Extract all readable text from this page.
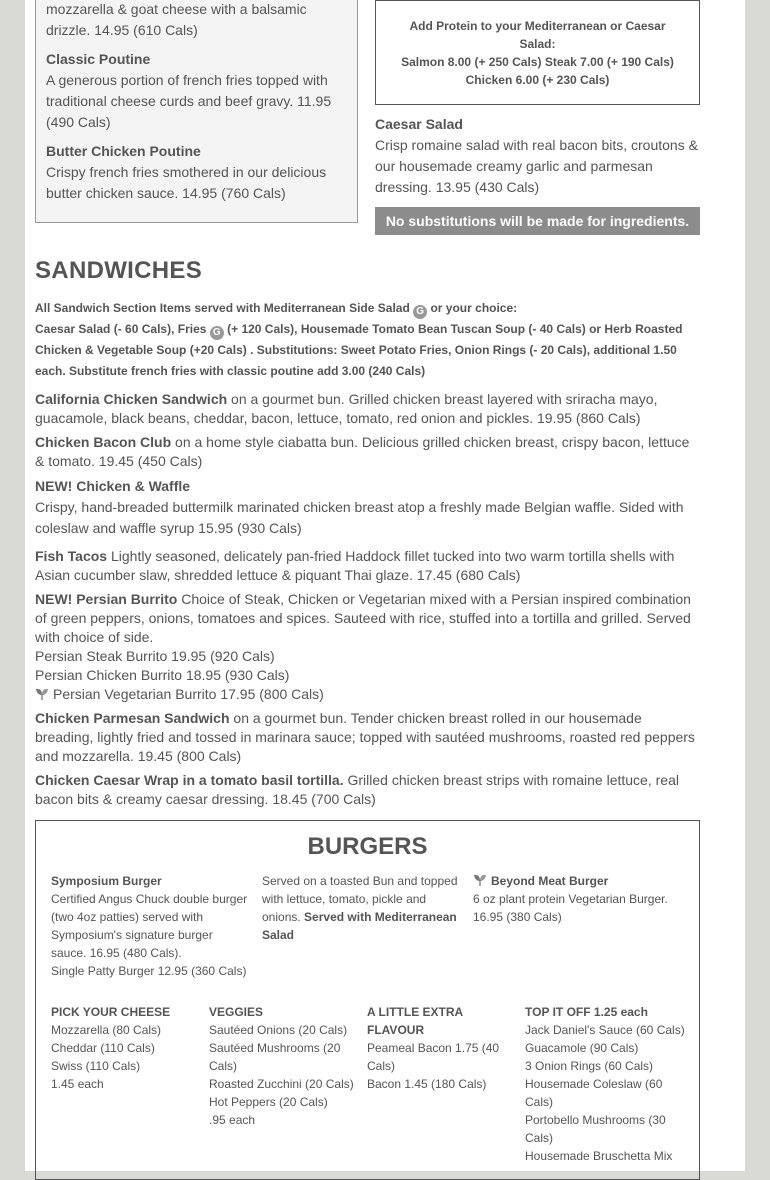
mozzarella & goat cheese with a balsamic drizzle. 14.95 (610 Cals)
Classic Poutine
A generous portion of french fries topped with traditional cheese curds and beef gravy. 11.95 (490 Cals)
Butter Chicken Poutine
Crispy french fries smothered in our delicious butter chicken sauce. 14.95 (760 Cals)
Add Protein to your Mediterranean or Caesar Salad:
Salmon 8.00 (+ 250 Cals) Steak 7.00 (+ 190 Cals)
Chicken 6.00 (+ 230 Cals)
Caesar Salad
Crisp romaine salad with real bacon bits, croutons & our housemade creamy garlic and parmesan dressing. 13.95 (430 Cals)
No substitutions will be made for ingredients.
SANDWICHES
All Sandwich Section Items served with Mediterranean Side Salad G or your choice:
Caesar Salad (- 60 Cals), Fries G (+ 120 Cals), Housemade Tomato Bean Tuscan Soup (- 40 Cals) or Herb Roasted Chicken & Vegetable Soup (+20 Cals) . Substitutions: Sweet Potato Fries, Onion Rings (- 20 Cals), additional 1.50 each. Substitute french fries with classic poutine add 3.00 (240 Cals)
California Chicken Sandwich on a gourmet bun. Grilled chicken breast layered with sriracha mayo, guacamole, black beans, cheddar, bacon, lettuce, tomato, red onion and pickles. 19.95 (860 Cals)
Chicken Bacon Club on a home style ciabatta bun. Delicious grilled chicken breast, crispy bacon, lettuce & tomato. 19.45 (450 Cals)
NEW! Chicken & Waffle
Crispy, hand-breaded buttermilk marinated chicken breast atop a freshly made Belgian waffle. Sided with coleslaw and waffle syrup 15.95 (930 Cals)
Fish Tacos Lightly seasoned, delicately pan-fried Haddock fillet tucked into two warm tortilla shells with Asian cucumber slaw, shredded lettuce & piquant Thai glaze. 17.45 (680 Cals)
NEW! Persian Burrito Choice of Steak, Chicken or Vegetarian mixed with a Persian inspired combination of green peppers, onions, tomatoes and spices. Sauteed with rice, stuffed into a tortilla and grilled. Served with choice of side.
Persian Steak Burrito 19.95 (920 Cals)
Persian Chicken Burrito 18.95 (930 Cals)
Persian Vegetarian Burrito 17.95 (800 Cals)
Chicken Parmesan Sandwich on a gourmet bun. Tender chicken breast rolled in our housemade breading, lightly fried and tossed in marinara sauce; topped with sautéed mushrooms, roasted red peppers and mozzarella. 19.45 (800 Cals)
Chicken Caesar Wrap in a tomato basil tortilla. Grilled chicken breast strips with romaine lettuce, real bacon bits & creamy caesar dressing. 18.45 (700 Cals)
BURGERS
Symposium Burger
Certified Angus Chuck double burger (two 4oz patties) served with Symposium's signature burger sauce. 16.95 (480 Cals).
Single Patty Burger 12.95 (360 Cals)
Served on a toasted Bun and topped with lettuce, tomato, pickle and onions. Served with Mediterranean Salad
Beyond Meat Burger
6 oz plant protein Vegetarian Burger. 16.95 (380 Cals)
PICK YOUR CHEESE
Mozzarella (80 Cals)
Cheddar (110 Cals)
Swiss (110 Cals)
1.45 each
VEGGIES
Sautéed Onions (20 Cals)
Sautéed Mushrooms (20 Cals)
Roasted Zucchini (20 Cals)
Hot Peppers (20 Cals)
.95 each
A LITTLE EXTRA FLAVOUR
Peameal Bacon 1.75 (40 Cals)
Bacon 1.45 (180 Cals)
TOP IT OFF 1.25 each
Jack Daniel's Sauce (60 Cals)
Guacamole (90 Cals)
3 Onion Rings (60 Cals)
Housemade Coleslaw (60 Cals)
Portobello Mushrooms (30 Cals)
Housemade Bruschetta Mix
